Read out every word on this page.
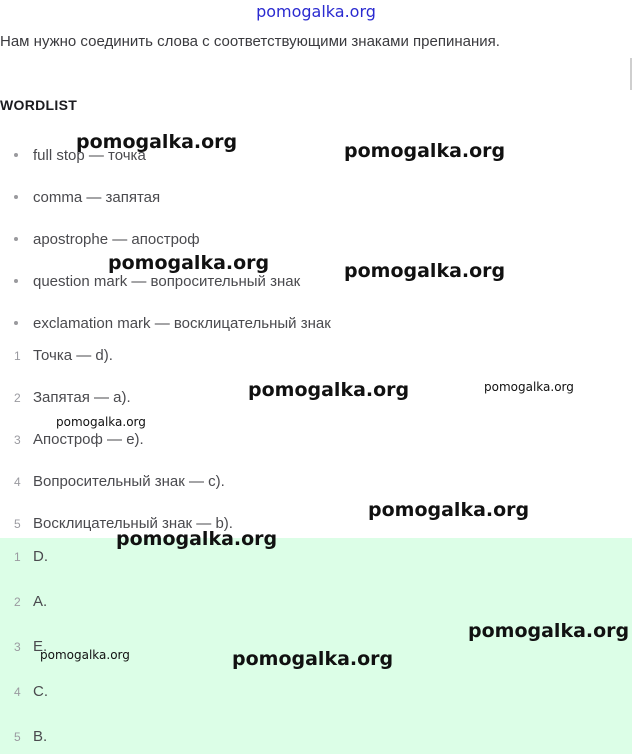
pomogalka.org
Нам нужно соединить слова с соответствующими знаками препинания.
WORDLIST
full stop — точка
comma — запятая
apostrophe — апостроф
question mark — вопросительный знак
exclamation mark — восклицательный знак
1 Точка — d).
2 Запятая — а).
3 Апостроф — е).
4 Вопросительный знак — с).
5 Восклицательный знак — b).
1 D.
2 A.
3 E.
4 C.
5 B.
pomogalka.org	pomogalka.org
pomogalka.org	pomogalka.org
pomogalka.org	pomogalka.org
pomogalka.org
pomogalka.org
pomogalka.org
pomogalka.org
pomogalka.org	pomogalka.org
